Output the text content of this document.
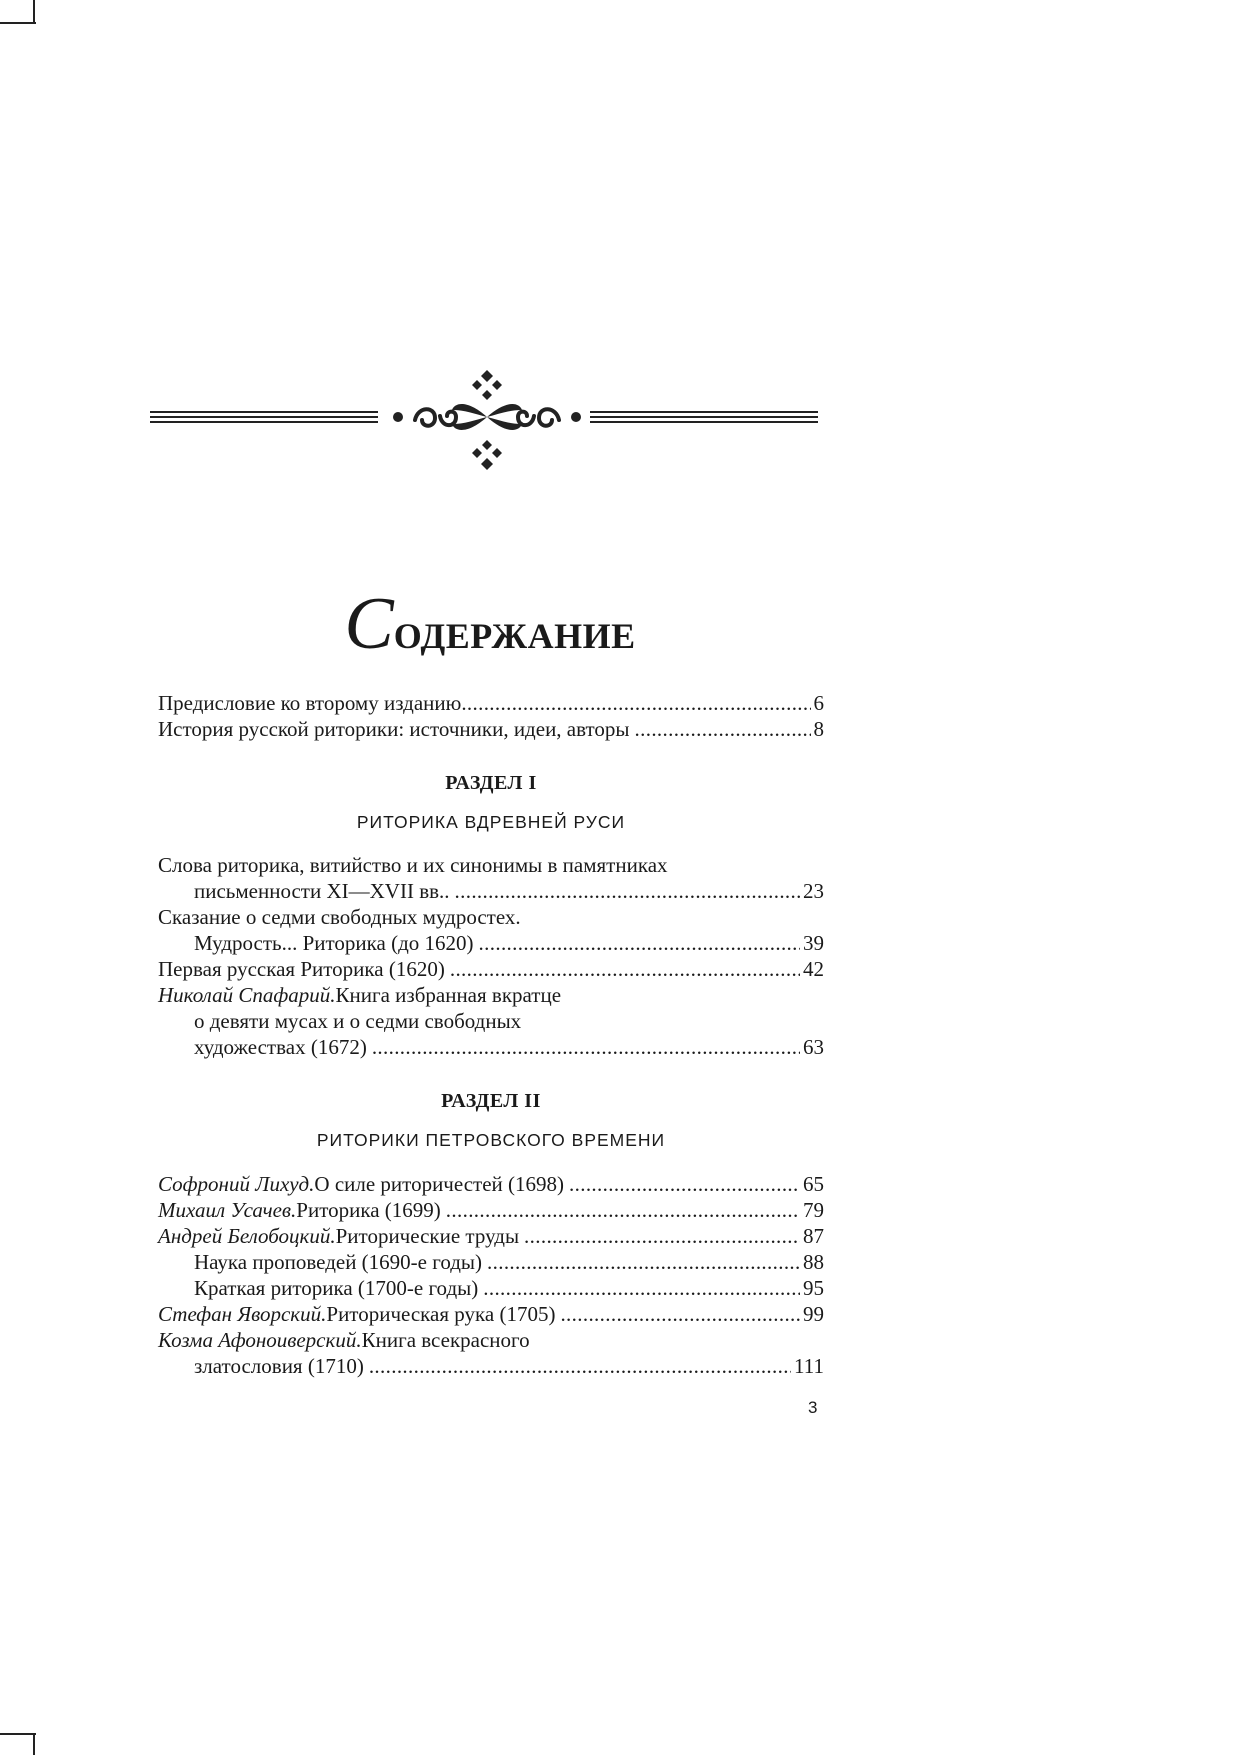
СОДЕРЖАНИЕ
Предисловие ко второму изданию .....	6
История русской риторики: источники, идеи, авторы .....	8
РАЗДЕЛ I
РИТОРИКА ВДРЕВНЕЙ РУСИ
Слова риторика, витийство и их синонимы в памятниках
письменности XI—XVII вв.. .....	23
Сказание о седми свободных мудростех.
Мудрость... Риторика (до 1620) .....	39
Первая русская Риторика (1620) .....	42
Николай Спафарий.Книга избранная вкратце
о девяти мусах и о седми свободных
художествах (1672) .....	63
РАЗДЕЛ II
РИТОРИКИ ПЕТРОВСКОГО ВРЕМЕНИ
Софроний Лихуд. О силе риторичестей (1698) .....	65
Михаил Усачев. Риторика (1699) .....	79
Андрей Белобоцкий. Риторические труды .....	87
Наука проповедей (1690-е годы) .....	88
Краткая риторика (1700-е годы) .....	95
Стефан Яворский. Риторическая рука (1705) .....	99
Козма Афоноиверский.Книга всекрасного
златословия (1710) .....	111
3
